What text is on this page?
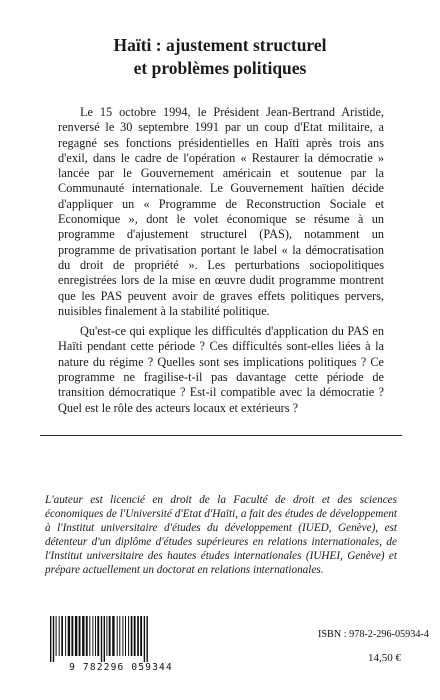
Haïti : ajustement structurel
et problèmes politiques

Le 15 octobre 1994, le Président Jean-Bertrand Aristide, renversé le 30 septembre 1991 par un coup d'Etat militaire, a regagné ses fonctions présidentielles en Haïti après trois ans d'exil, dans le cadre de l'opération « Restaurer la démocratie » lancée par le Gouvernement américain et soutenue par la Communauté internationale. Le Gouvernement haïtien décide d'appliquer un « Programme de Reconstruction Sociale et Economique », dont le volet économique se résume à un programme d'ajustement structurel (PAS), notamment un programme de privatisation portant le label « la démocratisation du droit de propriété ». Les perturbations sociopolitiques enregistrées lors de la mise en œuvre dudit programme montrent que les PAS peuvent avoir de graves effets politiques pervers, nuisibles finalement à la stabilité politique.

Qu'est-ce qui explique les difficultés d'application du PAS en Haïti pendant cette période ? Ces difficultés sont-elles liées à la nature du régime ? Quelles sont ses implications politiques ? Ce programme ne fragilise-t-il pas davantage cette période de transition démocratique ? Est-il compatible avec la démocratie ? Quel est le rôle des acteurs locaux et extérieurs ?

L'auteur est licencié en droit de la Faculté de droit et des sciences économiques de l'Université d'Etat d'Haïti, a fait des études de développement à l'Institut universitaire d'études du développement (IUED, Genève), est détenteur d'un diplôme d'études supérieures en relations internationales, de l'Institut universitaire des hautes études internationales (IUHEI, Genève) et prépare actuellement un doctorat en relations internationales.

9 782296 059344
ISBN : 978-2-296-05934-4
14,50 €
